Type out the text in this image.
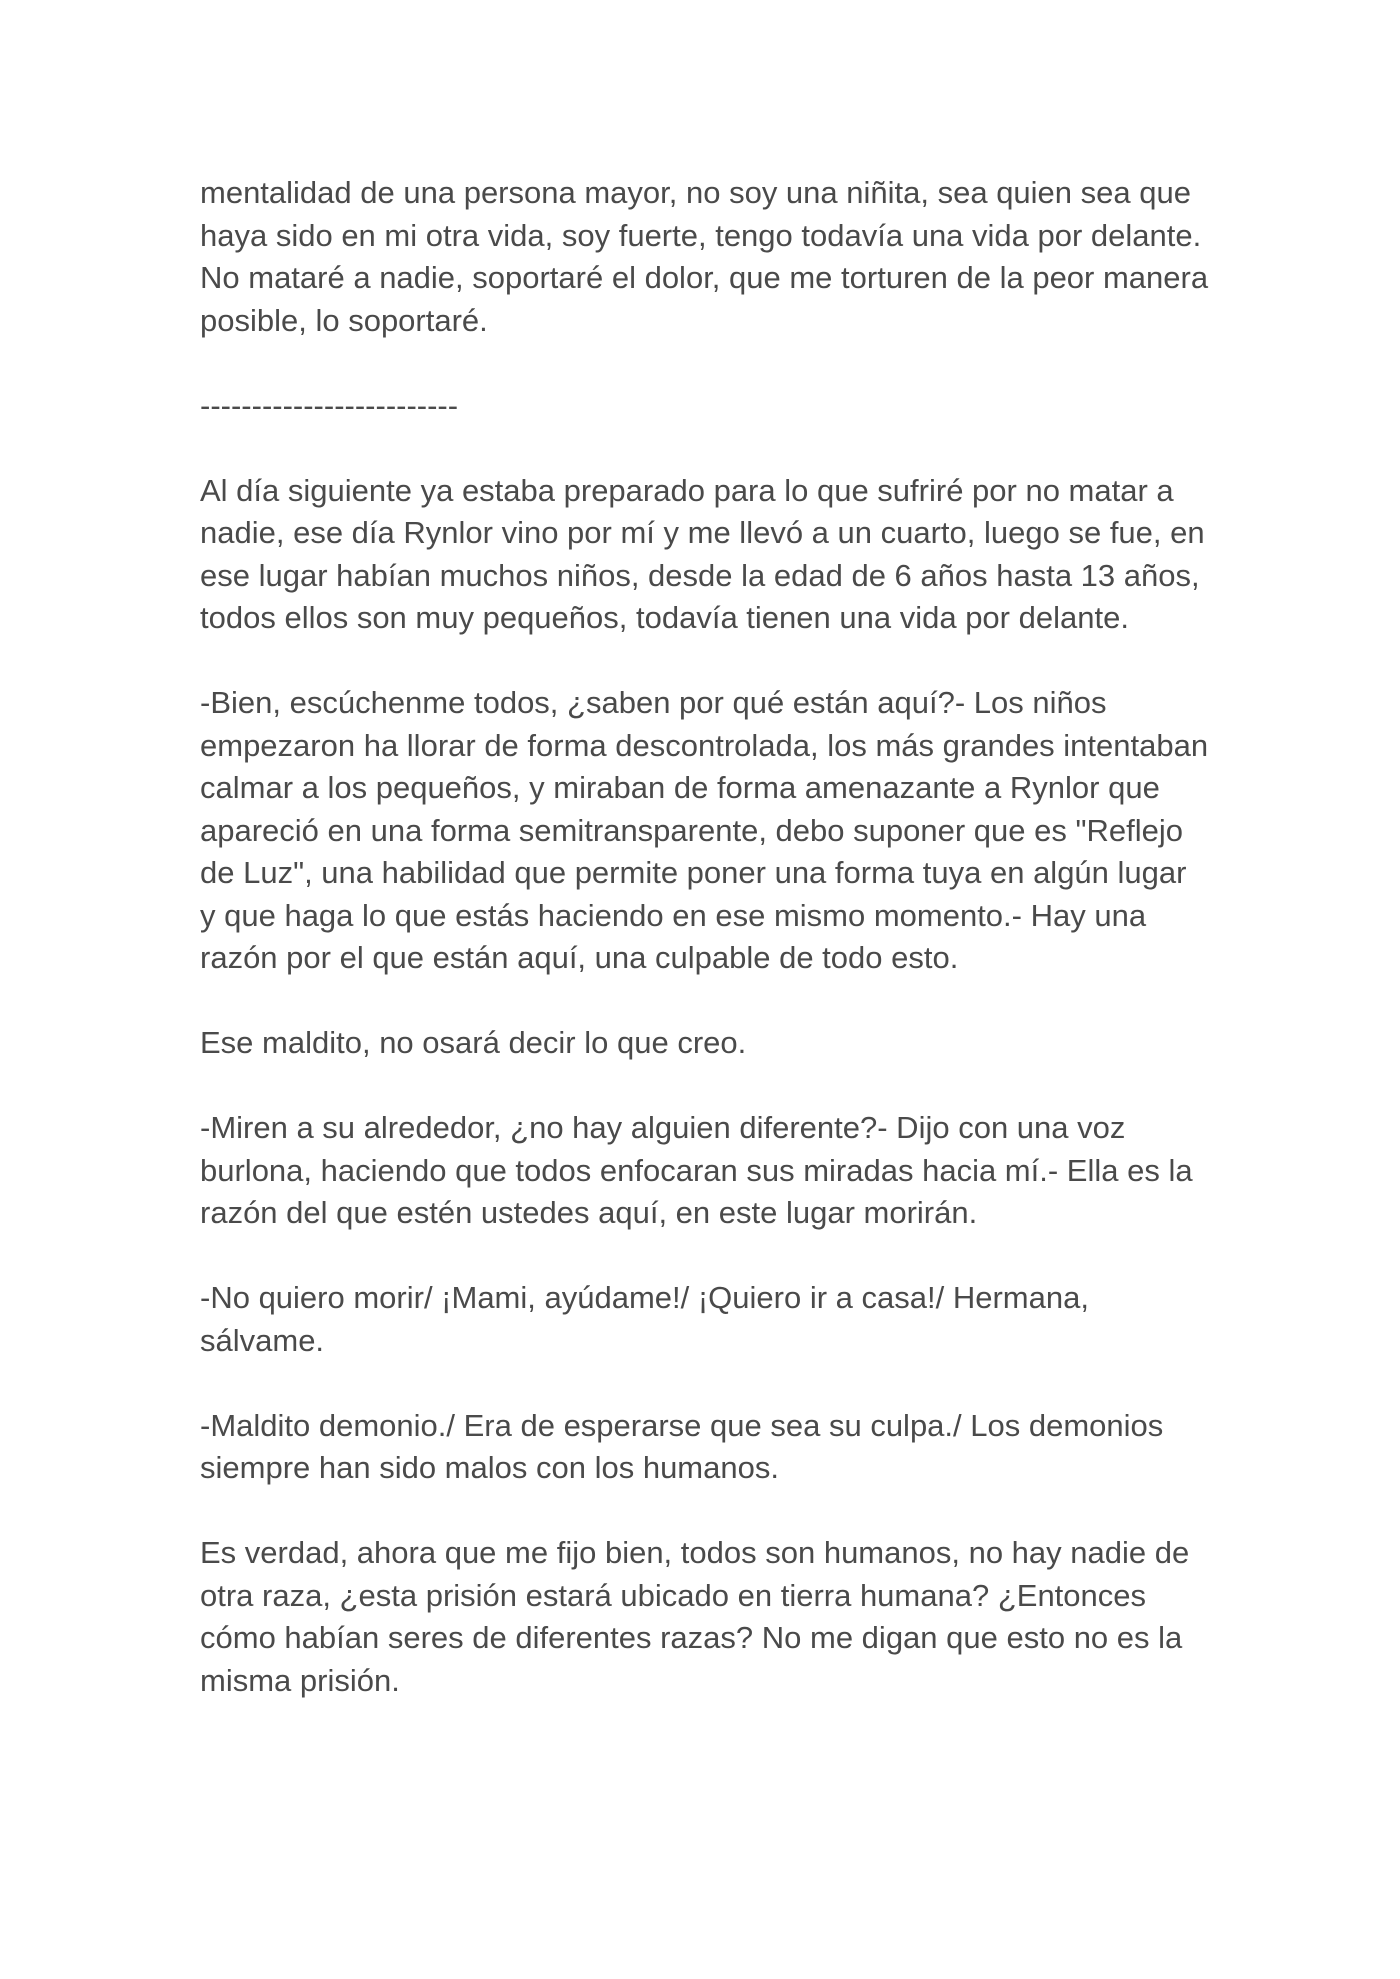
mentalidad de una persona mayor, no soy una niñita, sea quien sea que haya sido en mi otra vida, soy fuerte, tengo todavía una vida por delante. No mataré a nadie, soportaré el dolor, que me torturen de la peor manera posible, lo soportaré.

-------------------------

Al día siguiente ya estaba preparado para lo que sufriré por no matar a nadie, ese día Rynlor vino por mí y me llevó a un cuarto, luego se fue, en ese lugar habían muchos niños, desde la edad de 6 años hasta 13 años, todos ellos son muy pequeños, todavía tienen una vida por delante.

-Bien, escúchenme todos, ¿saben por qué están aquí?- Los niños empezaron ha llorar de forma descontrolada, los más grandes intentaban calmar a los pequeños, y miraban de forma amenazante a Rynlor que apareció en una forma semitransparente, debo suponer que es "Reflejo de Luz", una habilidad que permite poner una forma tuya en algún lugar y que haga lo que estás haciendo en ese mismo momento.- Hay una razón por el que están aquí, una culpable de todo esto.

Ese maldito, no osará decir lo que creo.

-Miren a su alrededor, ¿no hay alguien diferente?- Dijo con una voz burlona, haciendo que todos enfocaran sus miradas hacia mí.- Ella es la razón del que estén ustedes aquí, en este lugar morirán.

-No quiero morir/ ¡Mami, ayúdame!/ ¡Quiero ir a casa!/ Hermana, sálvame.

-Maldito demonio./ Era de esperarse que sea su culpa./ Los demonios siempre han sido malos con los humanos.

Es verdad, ahora que me fijo bien, todos son humanos, no hay nadie de otra raza, ¿esta prisión estará ubicado en tierra humana? ¿Entonces cómo habían seres de diferentes razas? No me digan que esto no es la misma prisión.
